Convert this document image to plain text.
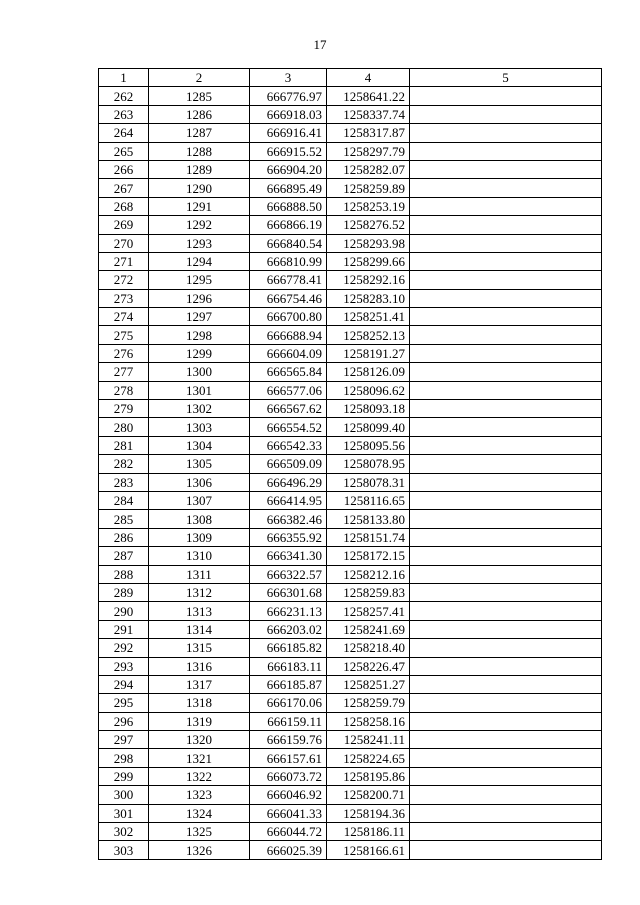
17
1	2	3	4	5
262	1285	666776.97	1258641.22	
263	1286	666918.03	1258337.74	
264	1287	666916.41	1258317.87	
265	1288	666915.52	1258297.79	
266	1289	666904.20	1258282.07	
267	1290	666895.49	1258259.89	
268	1291	666888.50	1258253.19	
269	1292	666866.19	1258276.52	
270	1293	666840.54	1258293.98	
271	1294	666810.99	1258299.66	
272	1295	666778.41	1258292.16	
273	1296	666754.46	1258283.10	
274	1297	666700.80	1258251.41	
275	1298	666688.94	1258252.13	
276	1299	666604.09	1258191.27	
277	1300	666565.84	1258126.09	
278	1301	666577.06	1258096.62	
279	1302	666567.62	1258093.18	
280	1303	666554.52	1258099.40	
281	1304	666542.33	1258095.56	
282	1305	666509.09	1258078.95	
283	1306	666496.29	1258078.31	
284	1307	666414.95	1258116.65	
285	1308	666382.46	1258133.80	
286	1309	666355.92	1258151.74	
287	1310	666341.30	1258172.15	
288	1311	666322.57	1258212.16	
289	1312	666301.68	1258259.83	
290	1313	666231.13	1258257.41	
291	1314	666203.02	1258241.69	
292	1315	666185.82	1258218.40	
293	1316	666183.11	1258226.47	
294	1317	666185.87	1258251.27	
295	1318	666170.06	1258259.79	
296	1319	666159.11	1258258.16	
297	1320	666159.76	1258241.11	
298	1321	666157.61	1258224.65	
299	1322	666073.72	1258195.86	
300	1323	666046.92	1258200.71	
301	1324	666041.33	1258194.36	
302	1325	666044.72	1258186.11	
303	1326	666025.39	1258166.61	
